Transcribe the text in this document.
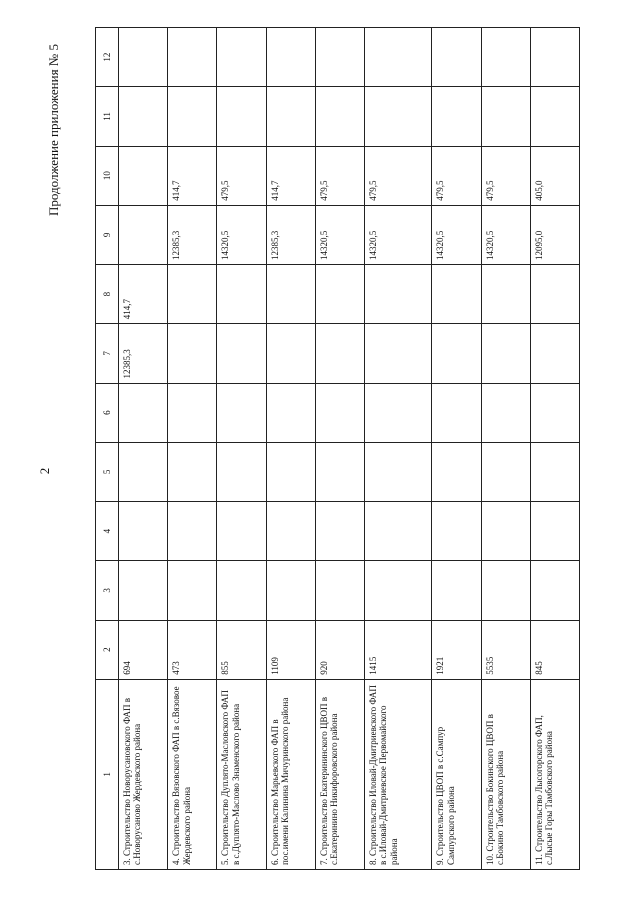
Продолжение приложения № 5
2
1	2	3	4	5	6	7	8	9	10	11	12
3. Строительство Новорусановского ФАП в с.Новорусаново Жердевского района	694					12385,3	414,7				
4. Строительство Вязовского ФАП в с.Вязовое Жердевского района	473							12385,3	414,7		
5. Строительство Дуплято-Масловского ФАП в с.Дуплято-Маслово Знаменского района	855							14320,5	479,5		
6. Строительство Марьевского ФАП в пос.имени Калинина Мичуринского района	1109							12385,3	414,7		
7. Строительство Екатерининского ЦВОП в с.Екатеринино Никифоровского района	920							14320,5	479,5		
8. Строительство Иловай-Дмитриевского ФАП в с.Иловай-Дмитриевское Первомайского района	1415							14320,5	479,5		
9. Строительство ЦВОП в с.Сампур Сампурского района	1921							14320,5	479,5		
10. Строительство Бокинского ЦВОП в с.Бокино Тамбовского района	5535							14320,5	479,5		
11. Строительство Лысогорского ФАП, с.Лысые Горы Тамбовского района	845							12095,0	405,0		
